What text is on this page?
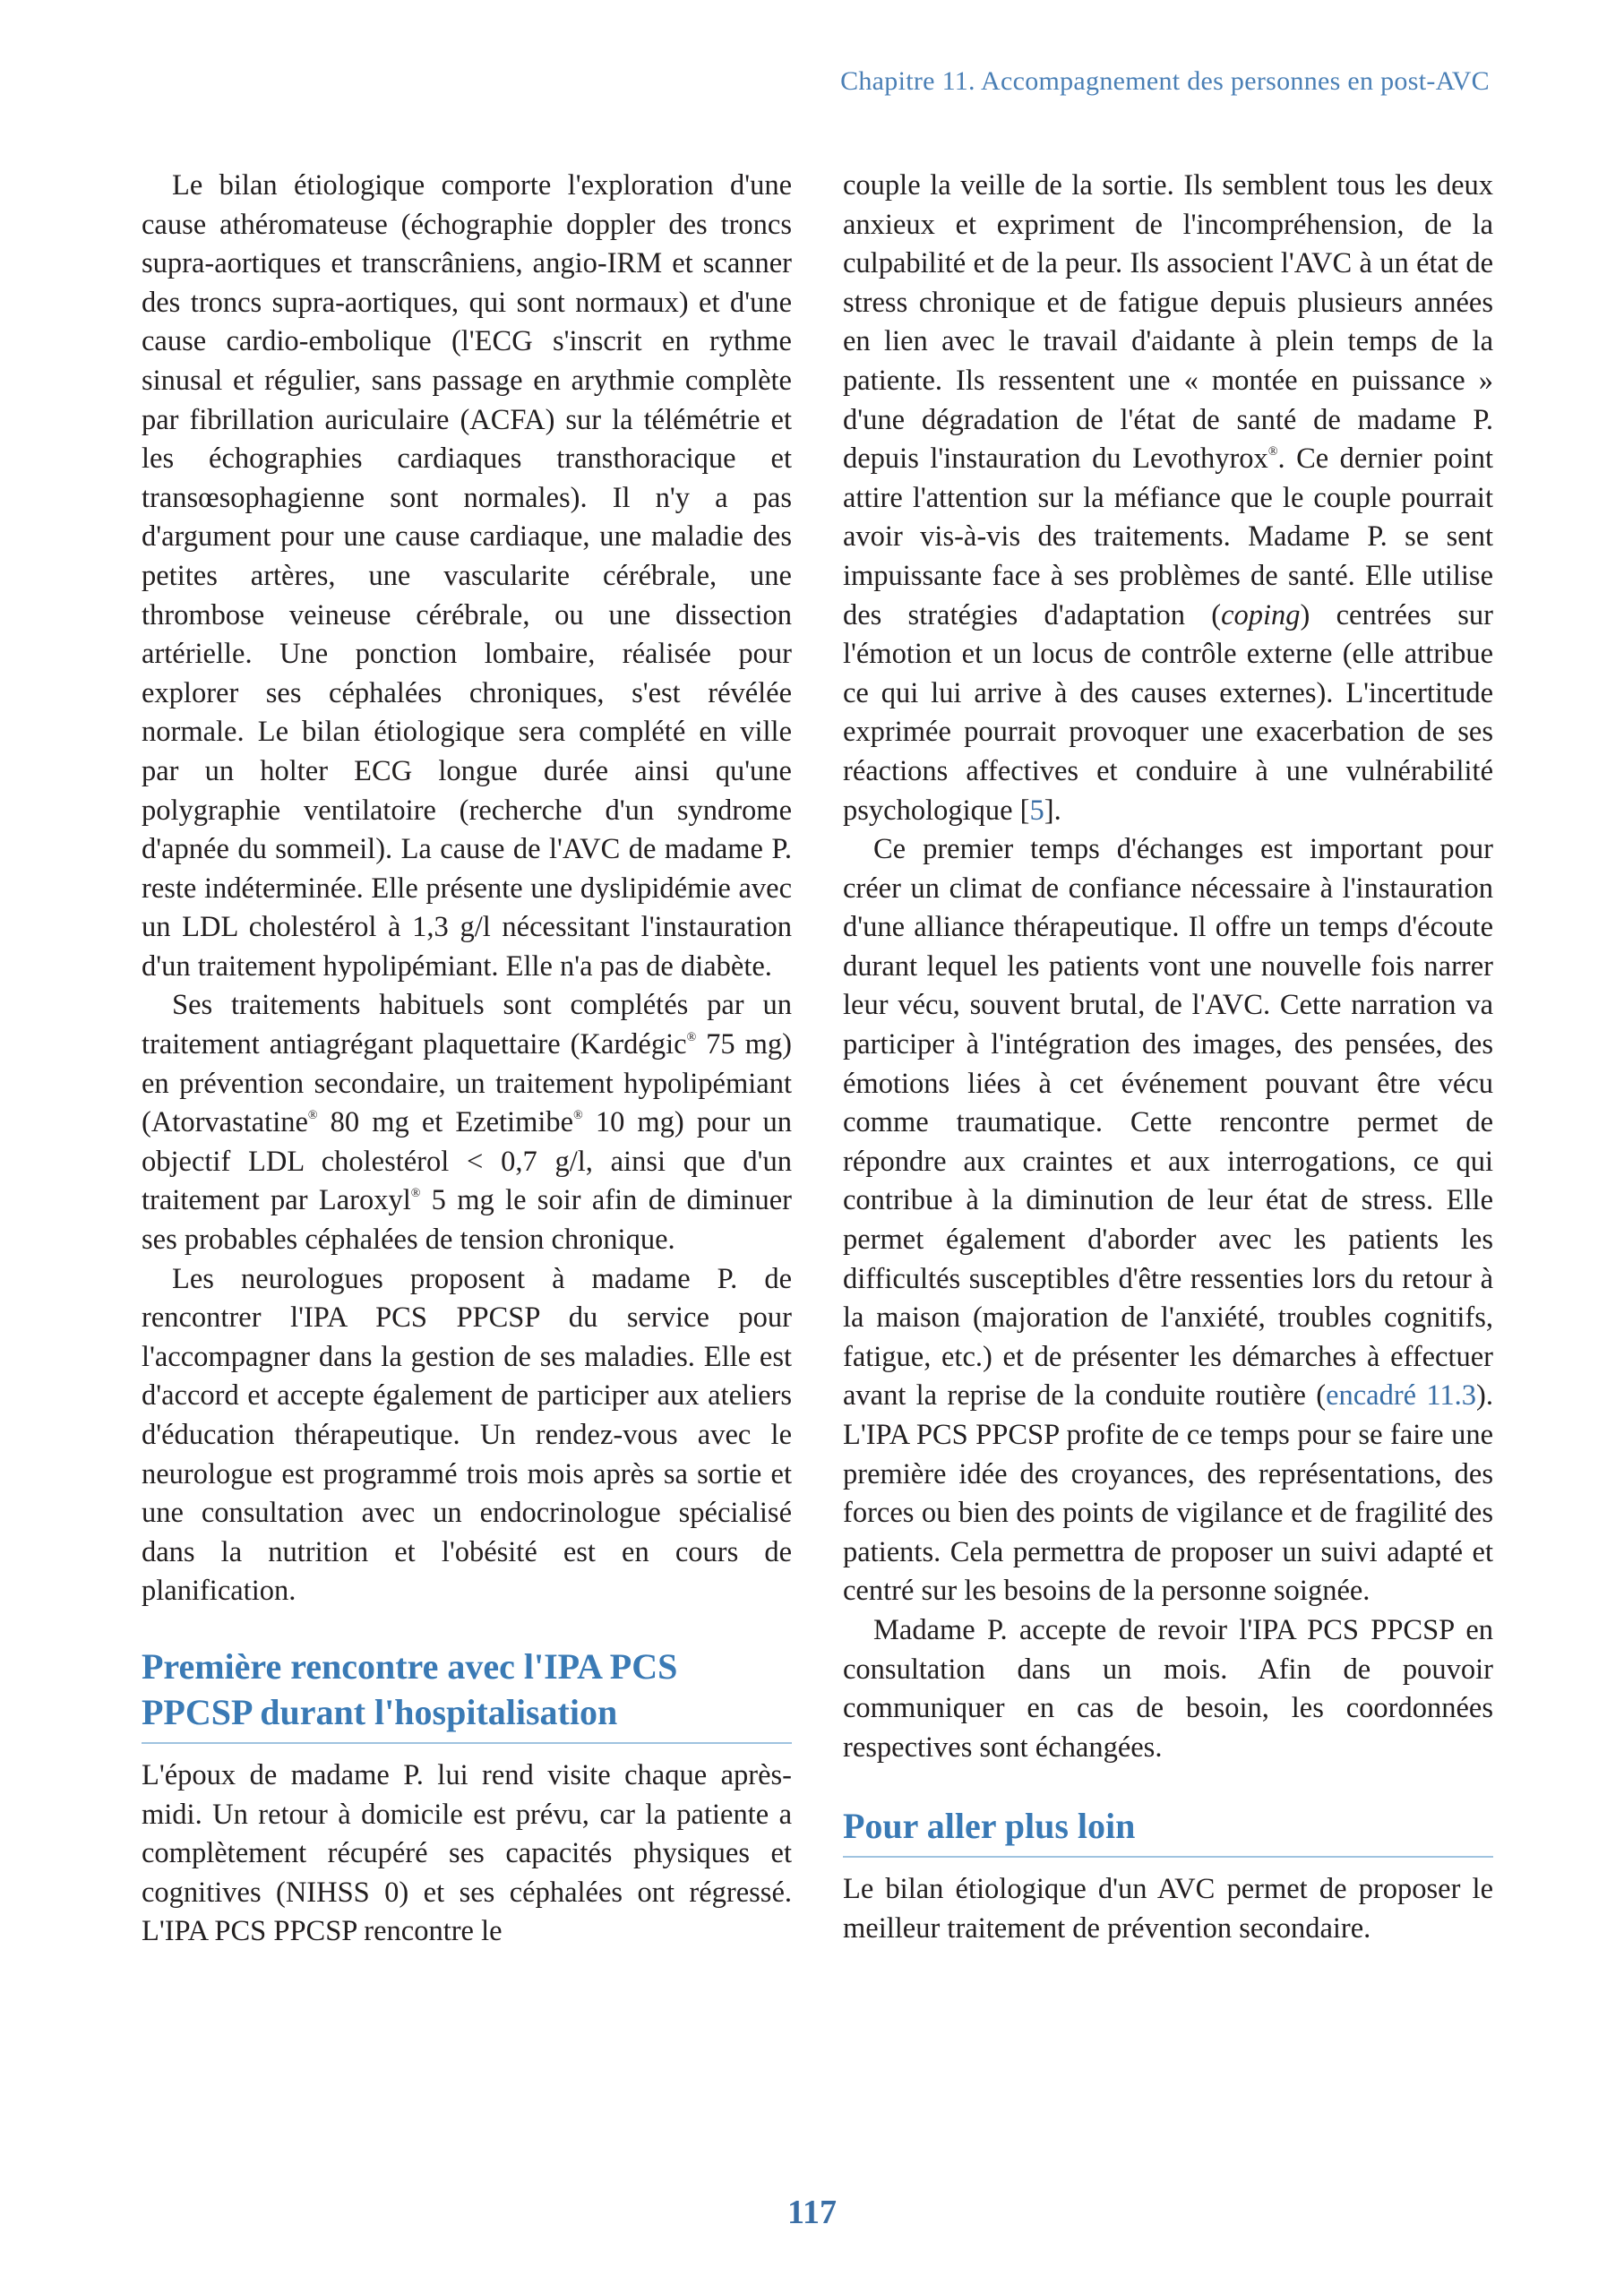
Chapitre 11. Accompagnement des personnes en post-AVC

Le bilan étiologique comporte l'exploration d'une cause athéromateuse (échographie doppler des troncs supra-aortiques et transcrâniens, angio-IRM et scanner des troncs supra-aortiques, qui sont normaux) et d'une cause cardio-embolique (l'ECG s'inscrit en rythme sinusal et régulier, sans passage en arythmie complète par fibrillation auriculaire (ACFA) sur la télémétrie et les échographies cardiaques transthoracique et transœsophagienne sont normales). Il n'y a pas d'argument pour une cause cardiaque, une maladie des petites artères, une vascularite cérébrale, une thrombose veineuse cérébrale, ou une dissection artérielle. Une ponction lombaire, réalisée pour explorer ses céphalées chroniques, s'est révélée normale. Le bilan étiologique sera complété en ville par un holter ECG longue durée ainsi qu'une polygraphie ventilatoire (recherche d'un syndrome d'apnée du sommeil). La cause de l'AVC de madame P. reste indéterminée. Elle présente une dyslipidémie avec un LDL cholestérol à 1,3 g/l nécessitant l'instauration d'un traitement hypolipémiant. Elle n'a pas de diabète.

Ses traitements habituels sont complétés par un traitement antiagrégant plaquettaire (Kardégic® 75 mg) en prévention secondaire, un traitement hypolipémiant (Atorvastatine® 80 mg et Ezetimibe® 10 mg) pour un objectif LDL cholestérol < 0,7 g/l, ainsi que d'un traitement par Laroxyl® 5 mg le soir afin de diminuer ses probables céphalées de tension chronique.

Les neurologues proposent à madame P. de rencontrer l'IPA PCS PPCSP du service pour l'accompagner dans la gestion de ses maladies. Elle est d'accord et accepte également de participer aux ateliers d'éducation thérapeutique. Un rendez-vous avec le neurologue est programmé trois mois après sa sortie et une consultation avec un endocrinologue spécialisé dans la nutrition et l'obésité est en cours de planification.

Première rencontre avec l'IPA PCS PPCSP durant l'hospitalisation

L'époux de madame P. lui rend visite chaque après-midi. Un retour à domicile est prévu, car la patiente a complètement récupéré ses capacités physiques et cognitives (NIHSS 0) et ses céphalées ont régressé. L'IPA PCS PPCSP rencontre le

couple la veille de la sortie. Ils semblent tous les deux anxieux et expriment de l'incompréhension, de la culpabilité et de la peur. Ils associent l'AVC à un état de stress chronique et de fatigue depuis plusieurs années en lien avec le travail d'aidante à plein temps de la patiente. Ils ressentent une « montée en puissance » d'une dégradation de l'état de santé de madame P. depuis l'instauration du Levothyrox®. Ce dernier point attire l'attention sur la méfiance que le couple pourrait avoir vis-à-vis des traitements. Madame P. se sent impuissante face à ses problèmes de santé. Elle utilise des stratégies d'adaptation (coping) centrées sur l'émotion et un locus de contrôle externe (elle attribue ce qui lui arrive à des causes externes). L'incertitude exprimée pourrait provoquer une exacerbation de ses réactions affectives et conduire à une vulnérabilité psychologique [5].

Ce premier temps d'échanges est important pour créer un climat de confiance nécessaire à l'instauration d'une alliance thérapeutique. Il offre un temps d'écoute durant lequel les patients vont une nouvelle fois narrer leur vécu, souvent brutal, de l'AVC. Cette narration va participer à l'intégration des images, des pensées, des émotions liées à cet événement pouvant être vécu comme traumatique. Cette rencontre permet de répondre aux craintes et aux interrogations, ce qui contribue à la diminution de leur état de stress. Elle permet également d'aborder avec les patients les difficultés susceptibles d'être ressenties lors du retour à la maison (majoration de l'anxiété, troubles cognitifs, fatigue, etc.) et de présenter les démarches à effectuer avant la reprise de la conduite routière (encadré 11.3). L'IPA PCS PPCSP profite de ce temps pour se faire une première idée des croyances, des représentations, des forces ou bien des points de vigilance et de fragilité des patients. Cela permettra de proposer un suivi adapté et centré sur les besoins de la personne soignée.

Madame P. accepte de revoir l'IPA PCS PPCSP en consultation dans un mois. Afin de pouvoir communiquer en cas de besoin, les coordonnées respectives sont échangées.

Pour aller plus loin

Le bilan étiologique d'un AVC permet de proposer le meilleur traitement de prévention secondaire.

117
